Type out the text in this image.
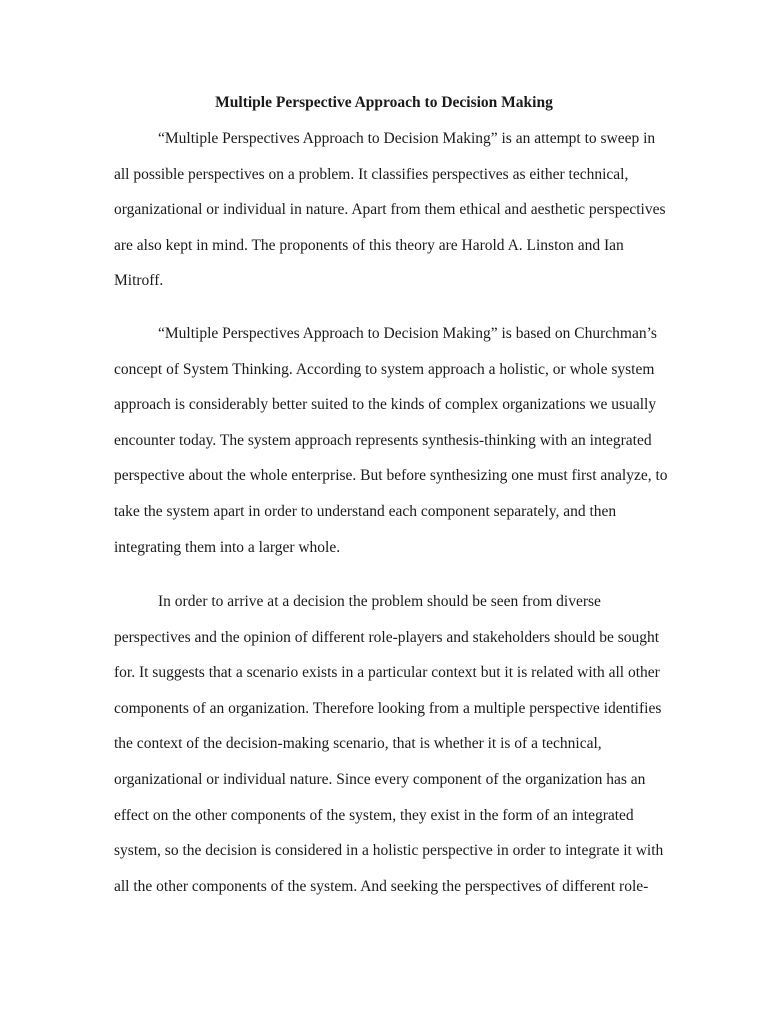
Multiple Perspective Approach to Decision Making

“Multiple Perspectives Approach to Decision Making” is an attempt to sweep in
all possible perspectives on a problem. It classifies perspectives as either technical,
organizational or individual in nature. Apart from them ethical and aesthetic perspectives
are also kept in mind. The proponents of this theory are Harold A. Linston and Ian
Mitroff.

“Multiple Perspectives Approach to Decision Making” is based on Churchman’s
concept of System Thinking. According to system approach a holistic, or whole system
approach is considerably better suited to the kinds of complex organizations we usually
encounter today. The system approach represents synthesis-thinking with an integrated
perspective about the whole enterprise. But before synthesizing one must first analyze, to
take the system apart in order to understand each component separately, and then
integrating them into a larger whole.

In order to arrive at a decision the problem should be seen from diverse
perspectives and the opinion of different role-players and stakeholders should be sought
for. It suggests that a scenario exists in a particular context but it is related with all other
components of an organization. Therefore looking from a multiple perspective identifies
the context of the decision-making scenario, that is whether it is of a technical,
organizational or individual nature. Since every component of the organization has an
effect on the other components of the system, they exist in the form of an integrated
system, so the decision is considered in a holistic perspective in order to integrate it with
all the other components of the system. And seeking the perspectives of different role-
